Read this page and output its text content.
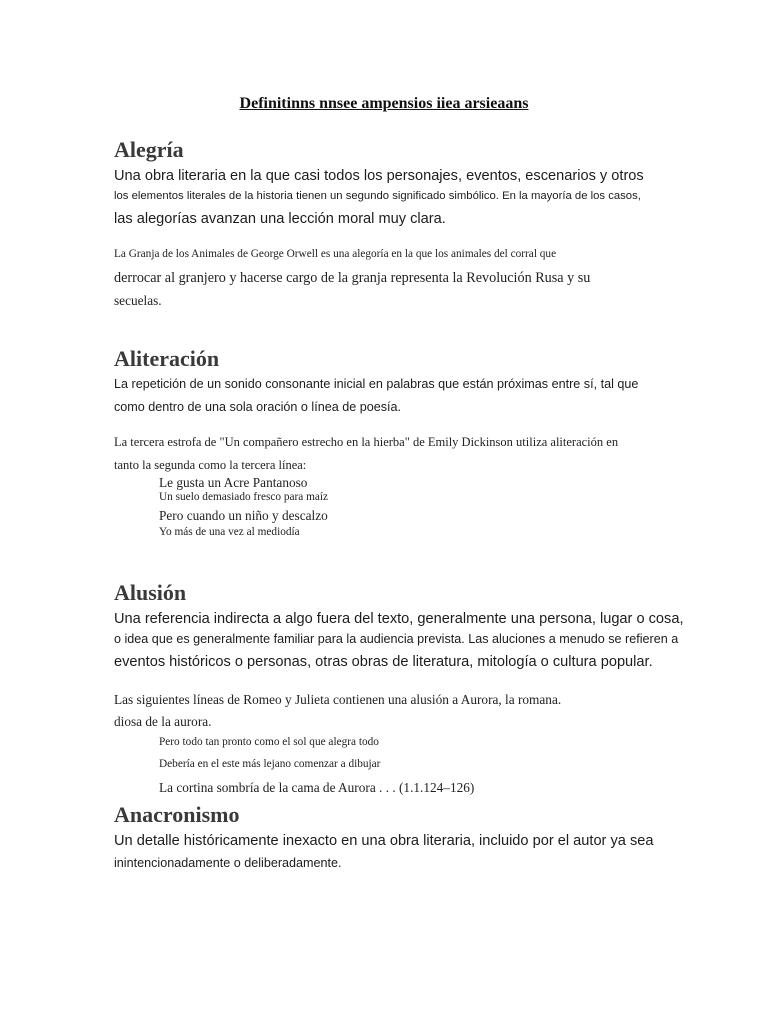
Definitinns nnsee ampensios iiea arsieaans

Alegría

Una obra literaria en la que casi todos los personajes, eventos, escenarios y otros

los elementos literales de la historia tienen un segundo significado simbólico. En la mayoría de los casos,

las alegorías avanzan una lección moral muy clara.

La Granja de los Animales de George Orwell es una alegoría en la que los animales del corral que

derrocar al granjero y hacerse cargo de la granja representa la Revolución Rusa y su

secuelas.

Aliteración

La repetición de un sonido consonante inicial en palabras que están próximas entre sí, tal que

como dentro de una sola oración o línea de poesía.

La tercera estrofa de "Un compañero estrecho en la hierba" de Emily Dickinson utiliza aliteración en

tanto la segunda como la tercera línea:

Le gusta un Acre Pantanoso

Un suelo demasiado fresco para maíz

Pero cuando un niño y descalzo

Yo más de una vez al mediodía

Alusión

Una referencia indirecta a algo fuera del texto, generalmente una persona, lugar o cosa,

o idea que es generalmente familiar para la audiencia prevista. Las aluciones a menudo se refieren a

eventos históricos o personas, otras obras de literatura, mitología o cultura popular.

Las siguientes líneas de Romeo y Julieta contienen una alusión a Aurora, la romana.

diosa de la aurora.

Pero todo tan pronto como el sol que alegra todo

Debería en el este más lejano comenzar a dibujar

La cortina sombría de la cama de Aurora . . . (1.1.124–126)

Anacronismo

Un detalle históricamente inexacto en una obra literaria, incluido por el autor ya sea

inintencionadamente o deliberadamente.
